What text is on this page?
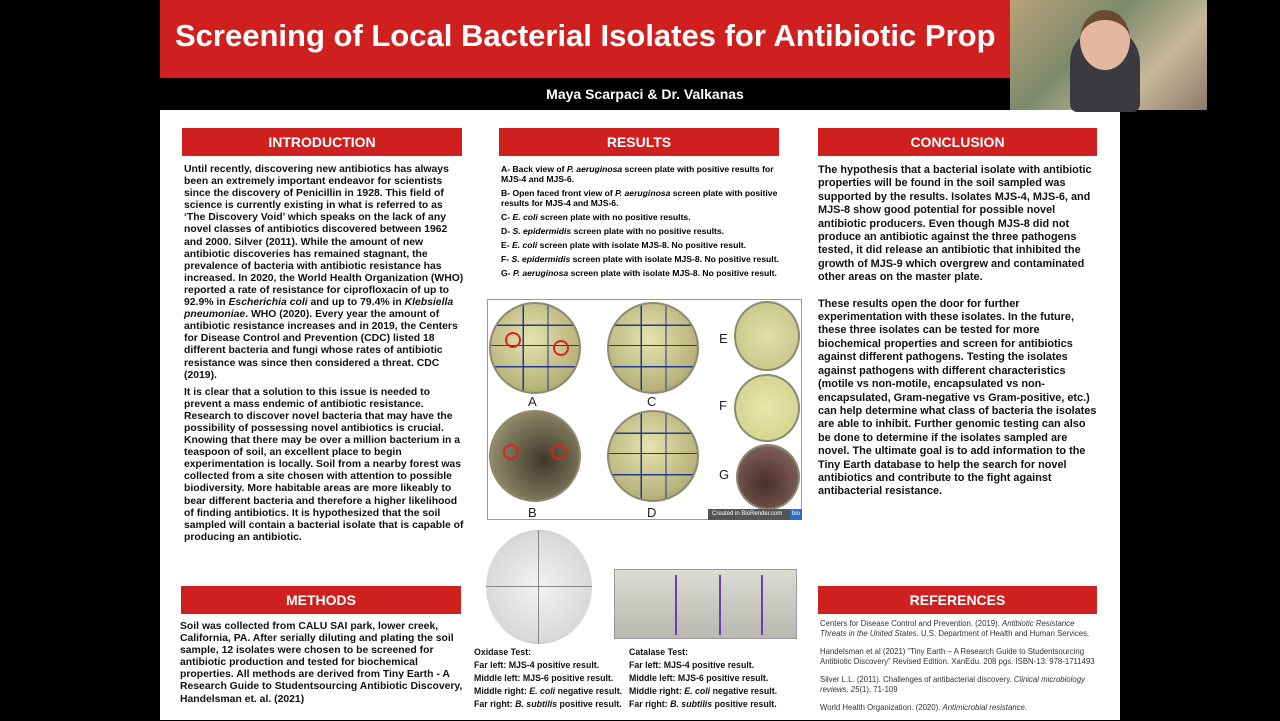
Screening of Local Bacterial Isolates for Antibiotic Prop
Maya Scarpaci & Dr. Valkanas
INTRODUCTION

Until recently, discovering new antibiotics has always been an extremely important endeavor for scientists since the discovery of Penicillin in 1928. This field of science is currently existing in what is referred to as ‘The Discovery Void’ which speaks on the lack of any novel classes of antibiotics discovered between 1962 and 2000. Silver (2011). While the amount of new antibiotic discoveries has remained stagnant, the prevalence of bacteria with antibiotic resistance has increased. In 2020, the World Health Organization (WHO) reported a rate of resistance for ciprofloxacin of up to 92.9% in Escherichia coli and up to 79.4% in Klebsiella pneumoniae. WHO (2020). Every year the amount of antibiotic resistance increases and in 2019, the Centers for Disease Control and Prevention (CDC) listed 18 different bacteria and fungi whose rates of antibiotic resistance was since then considered a threat. CDC (2019).

It is clear that a solution to this issue is needed to prevent a mass endemic of antibiotic resistance. Research to discover novel bacteria that may have the possibility of possessing novel antibiotics is crucial. Knowing that there may be over a million bacterium in a teaspoon of soil, an excellent place to begin experimentation is locally. Soil from a nearby forest was collected from a site chosen with attention to possible biodiversity. More habitable areas are more likeably to bear different bacteria and therefore a higher likelihood of finding antibiotics. It is hypothesized that the soil sampled will contain a bacterial isolate that is capable of producing an antibiotic.

METHODS
Soil was collected from CALU SAI park, lower creek, California, PA. After serially diluting and plating the soil sample, 12 isolates were chosen to be screened for antibiotic production and tested for biochemical properties. All methods are derived from Tiny Earth - A Research Guide to Studentsourcing Antibiotic Discovery, Handelsman et. al. (2021)
RESULTS
A- Back view of P. aeruginosa screen plate with positive results for MJS-4 and MJS-6.
B- Open faced front view of P. aeruginosa screen plate with positive results for MJS-4 and MJS-6.
C- E. coli screen plate with no positive results.
D- S. epidermidis screen plate with no positive results.
E- E. coli screen plate with isolate MJS-8. No positive result.
F- S. epidermidis screen plate with isolate MJS-8. No positive result.
G- P. aeruginosa screen plate with isolate MJS-8. No positive result.
A
B
C
D
E
F
G
Created in BioRender.com	bio
Oxidase Test:
Far left: MJS-4 positive result.
Middle left: MJS-6 positive result.
Middle right: E. coli negative result.
Far right: B. subtilis positive result.
Catalase Test:
Far left: MJS-4 positive result.
Middle left: MJS-6 positive result.
Middle right: E. coli negative result.
Far right: B. subtilis positive result.
CONCLUSION

The hypothesis that a bacterial isolate with antibiotic properties will be found in the soil sampled was supported by the results. Isolates MJS-4, MJS-6, and MJS-8 show good potential for possible novel antibiotic producers. Even though MJS-8 did not produce an antibiotic against the three pathogens tested, it did release an antibiotic that inhibited the growth of MJS-9 which overgrew and contaminated other areas on the master plate.

These results open the door for further experimentation with these isolates. In the future, these three isolates can be tested for more biochemical properties and screen for antibiotics against different pathogens. Testing the isolates against pathogens with different characteristics (motile vs non-motile, encapsulated vs non-encapsulated, Gram-negative vs Gram-positive, etc.) can help determine what class of bacteria the isolates are able to inhibit. Further genomic testing can also be done to determine if the isolates sampled are novel. The ultimate goal is to add information to the Tiny Earth database to help the search for novel antibiotics and contribute to the fight against antibacterial resistance.

REFERENCES

Centers for Disease Control and Prevention. (2019). Antibiotic Resistance Threats in the United States. U.S. Department of Health and Human Services.

Handelsman et al (2021) “Tiny Earth – A Research Guide to Studentsourcing Antibiotic Discovery” Revised Edition. XanEdu. 208 pgs. ISBN-13: 978-1711493

Silver L.L. (2011). Challenges of antibacterial discovery. Clinical microbiology reviews, 25(1), 71-109

World Health Organization. (2020). Antimicrobial resistance.
